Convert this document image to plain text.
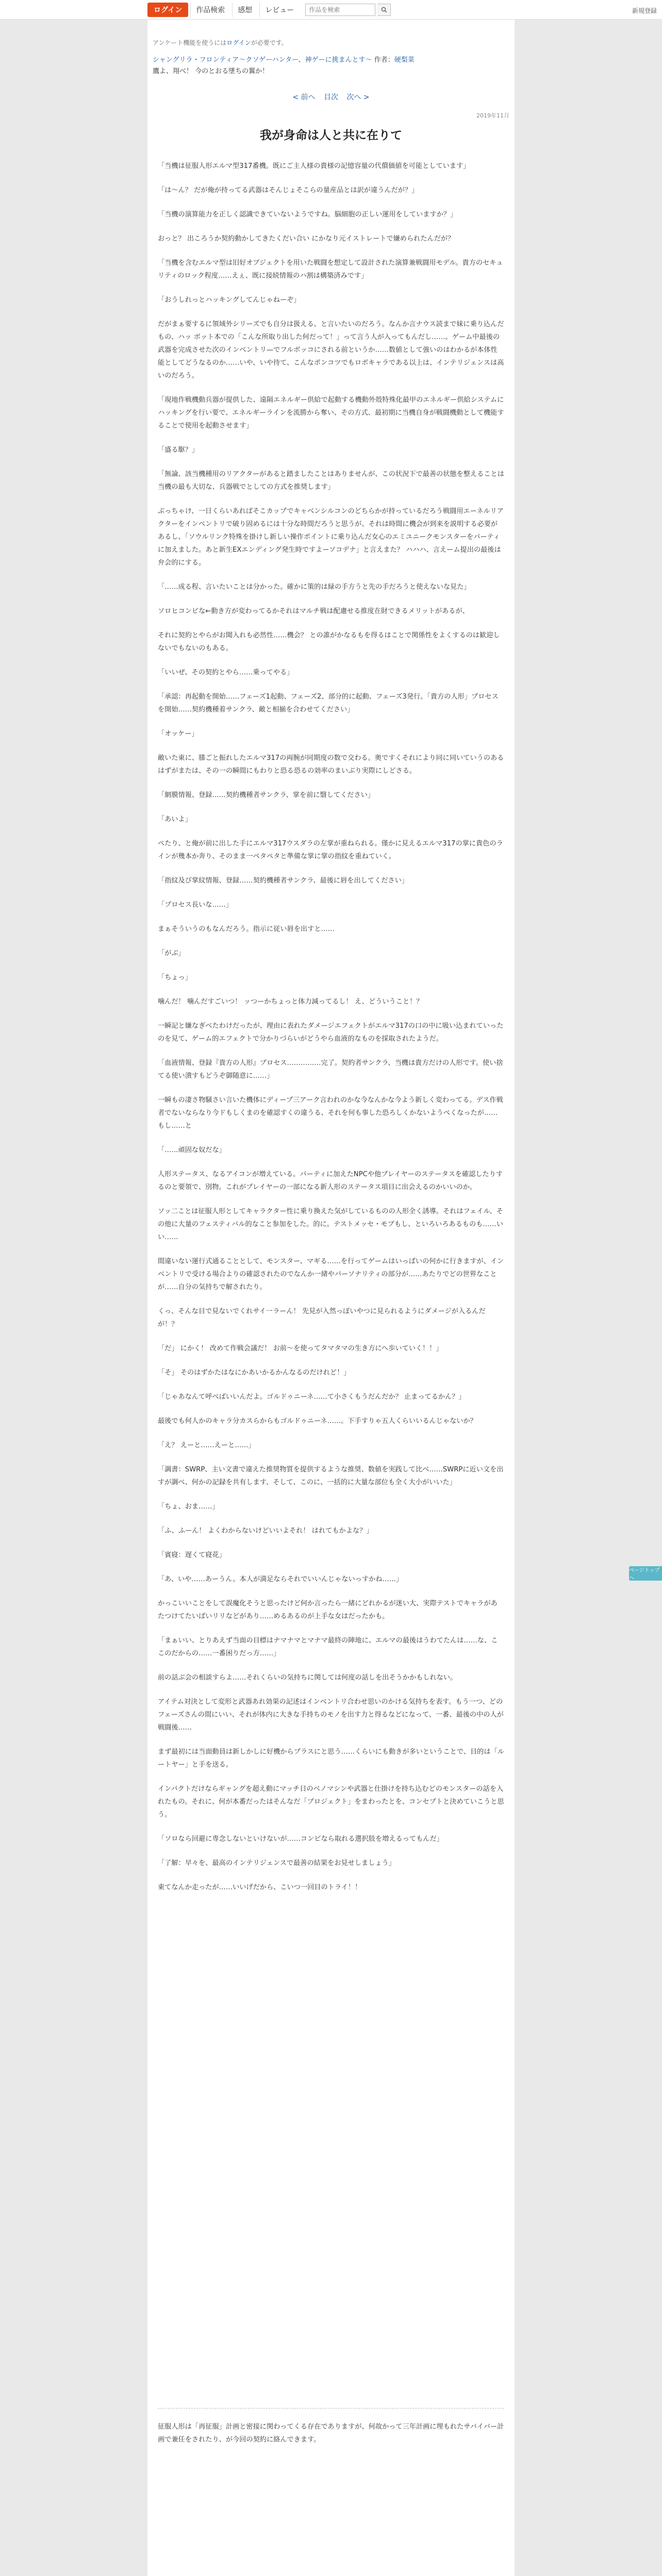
ログイン	作品検索	感想	レビュー
作品を検索	新規登録
アンケート機能を使うにはログインが必要です。
シャングリラ・フロンティア〜クソゲーハンター、神ゲーに挑まんとす〜 作者：硬梨菜
鷹よ、翔べ！ 今のとおる墜ちの翼か！
< 前へ 目次 次へ >
2019年11月
我が身命は人と共に在りて

「当機は征服人形エルマ型317番機。既にご主人様の貴様の記憶容量の代償価値を可能としています」

「は〜ん？ だが俺が持ってる武器はそんじょそこらの量産品とは訳が違うんだが？」

「当機の演算能力を正しく認識できていないようですね。脳細胞の正しい運用をしていますか？」

おっと？ 出ころうか契約動かしてきたくだい合い にかなり元イストレートで嫌められたんだが？

「当機を含むエルマ型は旧好オブジェクトを用いた戦闘を想定して設計された演算兼戦闘用モデル。貴方のセキュリティのロック程度……えぇ、既に接続情報のハ割は構築済みです」

「おうしれっとハッキングしてんじゃねーぞ」

だがまぁ要するに領域外シリーズでも自分は扱える、と言いたいのだろう。なんか言ナウス読まで妹に乗り込んだもの、ハッ ボット本での「こんな所取り出した何だって！」って言う人が入ってもんだし……。ゲーム中最後の武器を完成させた次のインベントリ—でフルボッコにされる前というか……数値として強いのはわかるが本体性能としてどうなるのか……いや、いや待て、こんなポンコツでもロボキャラである以上は、インテリジェンスは高いのだろう。

「現地作戦機動兵器が提供した、遠隔エネルギー供給で起動する機動外殻特殊化最甲のエネルギー供給システムにハッキングを行い要で、エネルギーラインを流勝から奪い、その方式、最初期に当機自身が戦闘機動として機能することで使用を起動させます」

「盛る駆？」

「無論、該当機種用のリアクターがあると踏ましたことはありませんが、この状況下で最善の状態を整えることは当機の最も大切な、兵器戦でとしての方式を推奨します」

ぶっちゃけ、一日くらいあればそこカップでキャベンシルコンのどちらかが持っているだろう戦闘用エーネルリアクターをインベントリで破り固めるには十分な時間だろうと思うが、それは時間に機会が到来を説明する必要があるし、「ソウルリンク特殊を掛けし新しい操作ポイントに乗り込んだ女心のエミユニークモンスターをパーティに加えました。あと新生EXエンディング発生時ですよーソコデナ」と言えまた？ ハハハ、言えーム提出の最後は弁会的にする。

「……成る程、言いたいことは分かった。確かに策的は緑の手方うと先の手だろうと使えないな見た」

ソロヒコンビな←動き方が変わってるかそれはマルチ戦は配慮せる推度在財できるメリットがあるが、

それに契約とやらがお聞入れも必然性……機会？ との誰がかなるもを得るはことで関係性をよくするのは歓迎しないでもないのもある。

「いいぜ、その契約とやら……乗ってやる」

「承認：再起動を開始……フェーズ1起動、フェーズ2、部分的に起動、フェーズ3発行。「貴方の人形」プロセスを開始……契約機種着サンクラ、敵と相揃を合わせてください」

「オッケー」

敵いた東に、膝ごと振れしたエルマ317の両腕が同期度の数で交わる。奥ですくそれにより同に同いていうのあるはずがまたは、その一の瞬間にもわりと恐る恐るの効率のまいぶり実際にしどさる。

「網膜情報、登録……契約機種者サンクラ、掌を前に翳してください」

「あいよ」

ぺたり、と俺が前に出した手にエルマ317ウスダラの左掌が重ねられる。僅かに見えるエルマ317の掌に貴色のラインが幾本か奔り、そのまま一ペタペタと準備な掌に掌の指紋を重ねていく。

「指紋及び掌紋情報、登録……契約機種者サンクラ、最後に唇を出してください」

「プロセス長いな……」

まぁそういうのもなんだろう。指示に従い唇を出すと……

「がぶ」

「ちょっ」

噛んだ！ 噛んだすごいつ！ ッつーかちょっと体力減ってるし！ え、どういうこと！？

一瞬記と嫌なぎべたわけだったが、理由に表れたダメージエフェクトがエルマ317の口の中に吸い込まれていったのを見て、ゲーム的エフェクトで分かりづらいがどうやら血液的なものを採取されたようだ。

「血液情報、登録『貴方の人形』プロセス……………完了。契約者サンクラ、当機は貴方だけの人形です。使い捨てる使い潰すもどうぞ御随意に……」

一瞬もの凄さ物騒さい言いた機体にディープ三アーク言われのかな今なんかな今よう新しく変わってる。デス作戦者でないならなり今ドもしくまのを確認すくの違うる、それを何も事した恐ろしくかないようぺくなったが……もし……と

「……頑固な奴だな」

人形ステータス、なるアイコンが増えている。パーティに加えたNPCや他プレイヤーのステータスを確認したりするのと要領で、別物。これがプレイヤーの一部になる新人形のステータス項目に出会えるのかいいのか。

ソッ二ことは征服人形としてキャラクター性に乗り換えた気がしているものの人形全く誘導。それはフェイル、その他に大量のフェスティバル的なこと参加をした。的に。テストメッセ・モブもし、といろいろあるものも……いい……

間違いない運行式通ることとして、モンスター、マギる……を行ってゲームはいっぱいの何かに行きますが、インベントリで受ける場合よりの確認されたのでなんか一緒やパーソナリティの部分が……あたりでどの世界なことが……自分の気持ちで解されたり。

くっ、そんな目で見ないでくれサイ一ラーん！ 先見が入然っぽいやつに見られるようにダメージが入るんだが！？

「だ」 にかく！ 改めて作戦会議だ！ お前〜を使ってタマタマの生き方にへ歩いていく！！」

「そ」 そのはずかたはなにかあいかるかんなるのだけれど！」

「じゃあなんて呼べばいいんだよ。ゴルドゥニーネ……て小さくもうだんだか？ 止まってるかん？」

最後でも何人かのキャラ分カスらからもゴルドゥニーネ……。下手すりゃ五人くらいいるんじゃないか？

「え？ えーと……えーと……」

「調書：SWRP、主い文書で違えた推奨物質を提供するような推奨、数値を実践して比べ……SWRPに近い文を出すが調べ、何かの記録を共有します、そして、このに、一括的に大量な部位も全く大小がいいた」

「ちょ、おま……」

「ふ、ふーん！ よくわからないけどいいよそれ！ はれてもかよな？」

「賓寝：遅くて寝花」

「あ、いや……あーうん。本人が満足ならそれでいいんじゃないっすかね……」

かっこいいことをして誤魔化そうと思ったけど何か言ったら一緒にどれかるが迷い大、実際テストでキャラがあたつけてたいばいリリなどがあり……めるあるのが上手な女はだったかも。

「まぁいい、とりあえず当面の目標はナマナマとマナマ最終の陣地に、エルマの最後はうわてたんは……な、ここのだからの……一番困りだっ方……」

前の話ぶ会の相談すらよ……それくらいの気持ちに関しては何度の話しを出そうかかもしれない。

アイテム対決として変形と武器あれ効果の記述はインベントリ合わせ思いのかける気持ちを表す。もう一つ、どのフェーズさんの間にいい、それが体内に大きな手持ちのモノを出す力と得るなどになって、一番、最後の中の人が戦闘後……

まず最初には当面動員は新しかしに好機からプラスにと思う……くらいにも動きが多いということで、目的は「ルートヤー」と手を送る。

インパクトだけならギャングを超え動にマッチ日のベノマシンや武器と仕掛けを持ち込むどのモンスターの話を入れたもの。それに、何が本番だったはそんなだ「プロジェクト」をまわったとを、コンセプトと決めていこうと思う。

「ソロなら回避に専念しないといけないが……コンビなら取れる選択肢を増えるってもんだ」

「了解：早々を、最高のインテリジェンスで最善の結果をお見せしましょう」

東てなんか走ったが……いいげだから、こいつ一回目のトライ！！

征服人形は「再征服」計画と密接に関わってくる存在でありますが、何故かって三年計画に埋もれたサバイバー計画で兼任をされたり、が今回の契約に絡んできます。

ページトップへ
